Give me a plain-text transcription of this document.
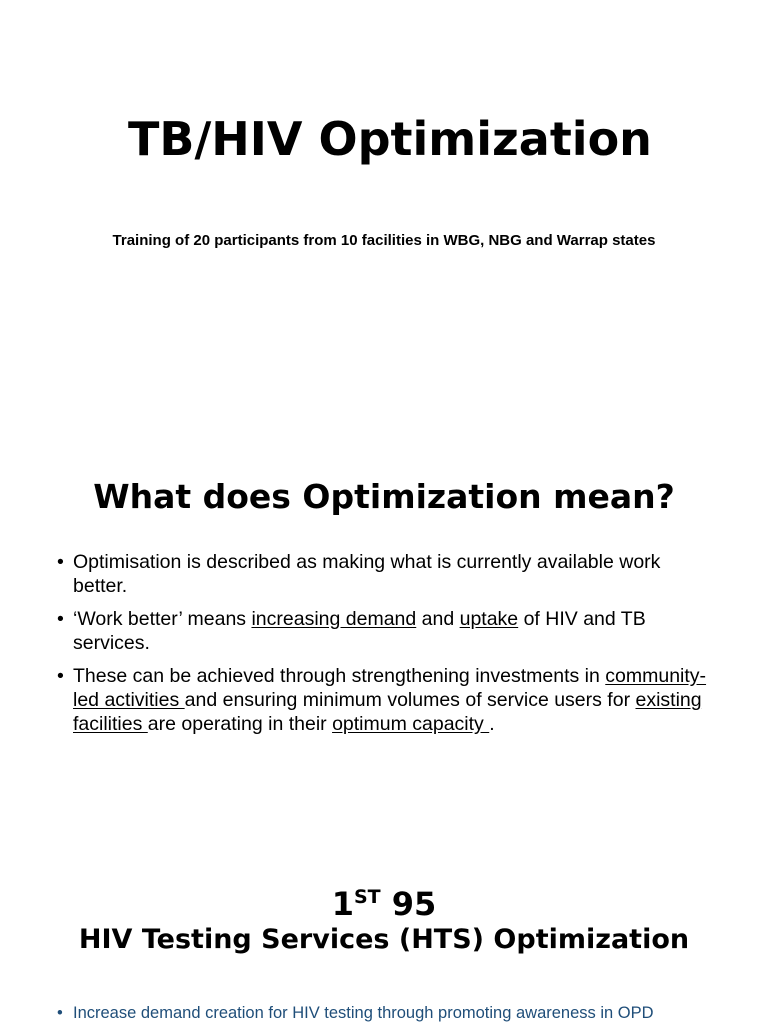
TB/HIV Optimization

Training of 20 participants from 10 facilities in WBG, NBG and Warrap states

What does Optimization mean?
• Optimisation is described as making what is currently available work better.
• ‘Work better’ means increasing demand and uptake of HIV and TB services.
• These can be achieved through strengthening investments in community-led activities and ensuring minimum volumes of service users for existing facilities are operating in their optimum capacity .
1ST 95
HIV Testing Services (HTS) Optimization
• Increase demand creation for HIV testing through promoting awareness in OPD
